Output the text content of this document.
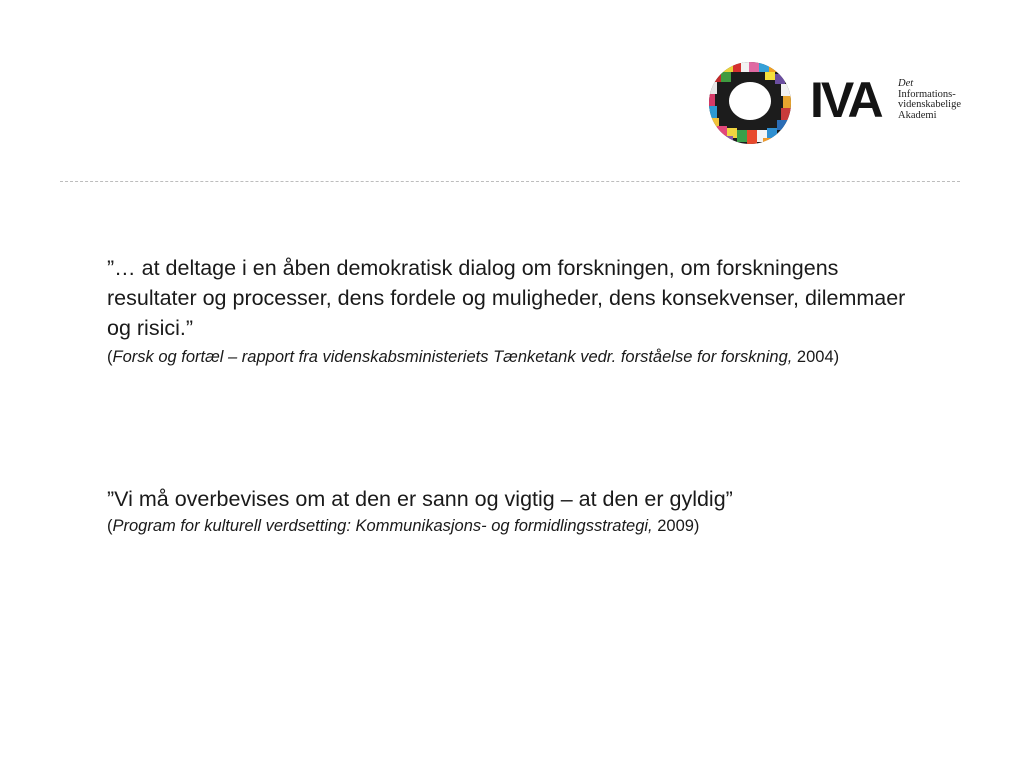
IVA Det
Informations-
videnskabelige
Akademi
”… at deltage i en åben demokratisk dialog om forskningen, om forskningens resultater og processer, dens fordele og muligheder, dens konsekvenser, dilemmaer og risici.”
(Forsk og fortæl – rapport fra videnskabsministeriets Tænketank vedr. forståelse for forskning, 2004)
”Vi må overbevises om at den er sann og vigtig – at den er gyldig”
(Program for kulturell verdsetting: Kommunikasjons- og formidlingsstrategi, 2009)
